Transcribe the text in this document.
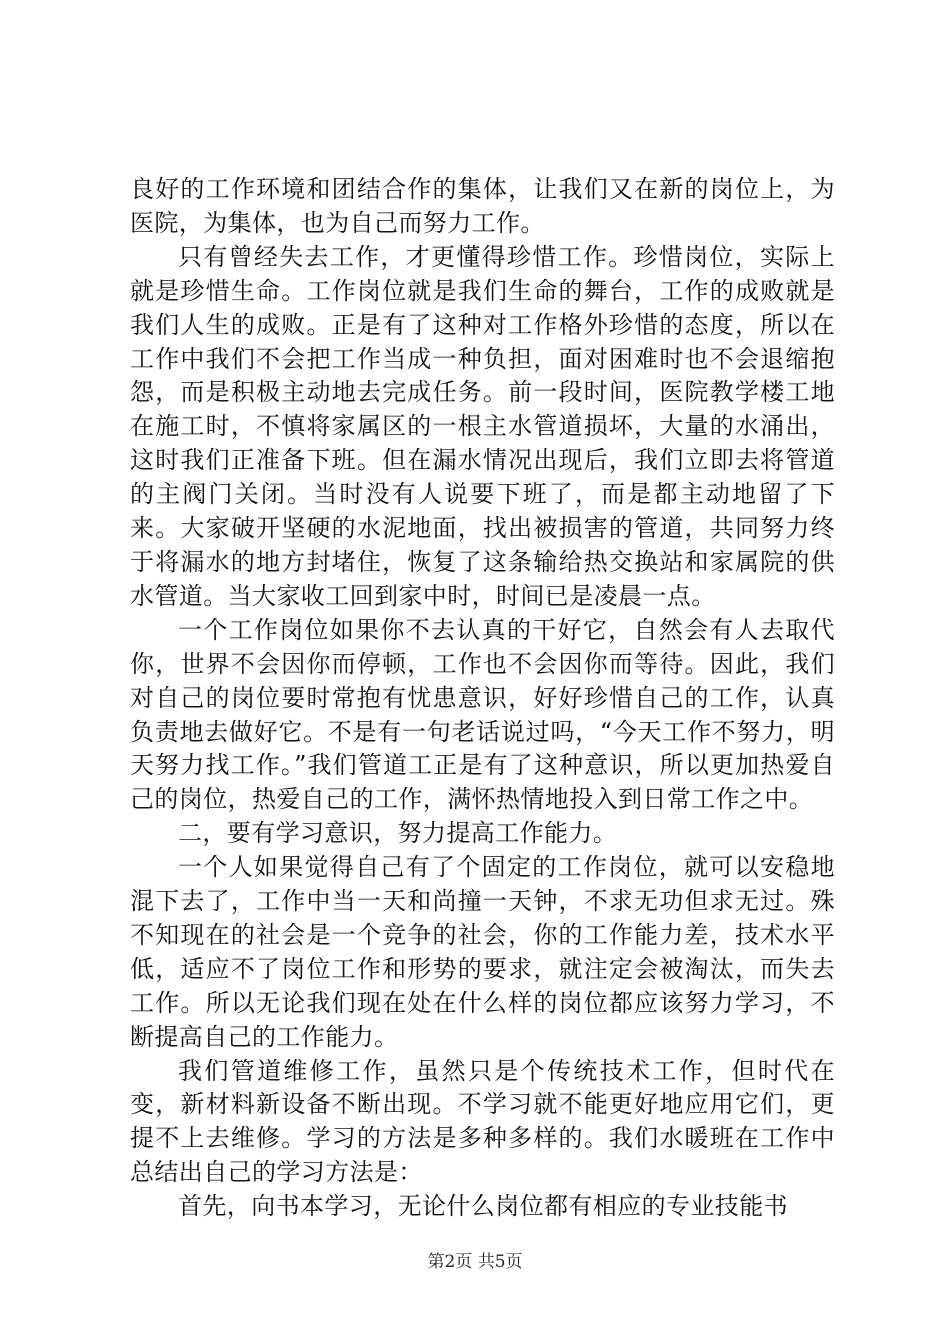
良好的工作环境和团结合作的集体，让我们又在新的岗位上，为医院，为集体，也为自己而努力工作。

只有曾经失去工作，才更懂得珍惜工作。珍惜岗位，实际上就是珍惜生命。工作岗位就是我们生命的舞台，工作的成败就是我们人生的成败。正是有了这种对工作格外珍惜的态度，所以在工作中我们不会把工作当成一种负担，面对困难时也不会退缩抱怨，而是积极主动地去完成任务。前一段时间，医院教学楼工地在施工时，不慎将家属区的一根主水管道损坏，大量的水涌出，这时我们正准备下班。但在漏水情况出现后，我们立即去将管道的主阀门关闭。当时没有人说要下班了，而是都主动地留了下来。大家破开坚硬的水泥地面，找出被损害的管道，共同努力终于将漏水的地方封堵住，恢复了这条输给热交换站和家属院的供水管道。当大家收工回到家中时，时间已是凌晨一点。

一个工作岗位如果你不去认真的干好它，自然会有人去取代你，世界不会因你而停顿，工作也不会因你而等待。因此，我们对自己的岗位要时常抱有忧患意识，好好珍惜自己的工作，认真负责地去做好它。不是有一句老话说过吗，“今天工作不努力，明天努力找工作。”我们管道工正是有了这种意识，所以更加热爱自己的岗位，热爱自己的工作，满怀热情地投入到日常工作之中。

二，要有学习意识，努力提高工作能力。

一个人如果觉得自己有了个固定的工作岗位，就可以安稳地混下去了，工作中当一天和尚撞一天钟，不求无功但求无过。殊不知现在的社会是一个竞争的社会，你的工作能力差，技术水平低，适应不了岗位工作和形势的要求，就注定会被淘汰，而失去工作。所以无论我们现在处在什么样的岗位都应该努力学习，不断提高自己的工作能力。

我们管道维修工作，虽然只是个传统技术工作，但时代在变，新材料新设备不断出现。不学习就不能更好地应用它们，更提不上去维修。学习的方法是多种多样的。我们水暖班在工作中总结出自己的学习方法是：

首先，向书本学习，无论什么岗位都有相应的专业技能书

第2页 共5页
